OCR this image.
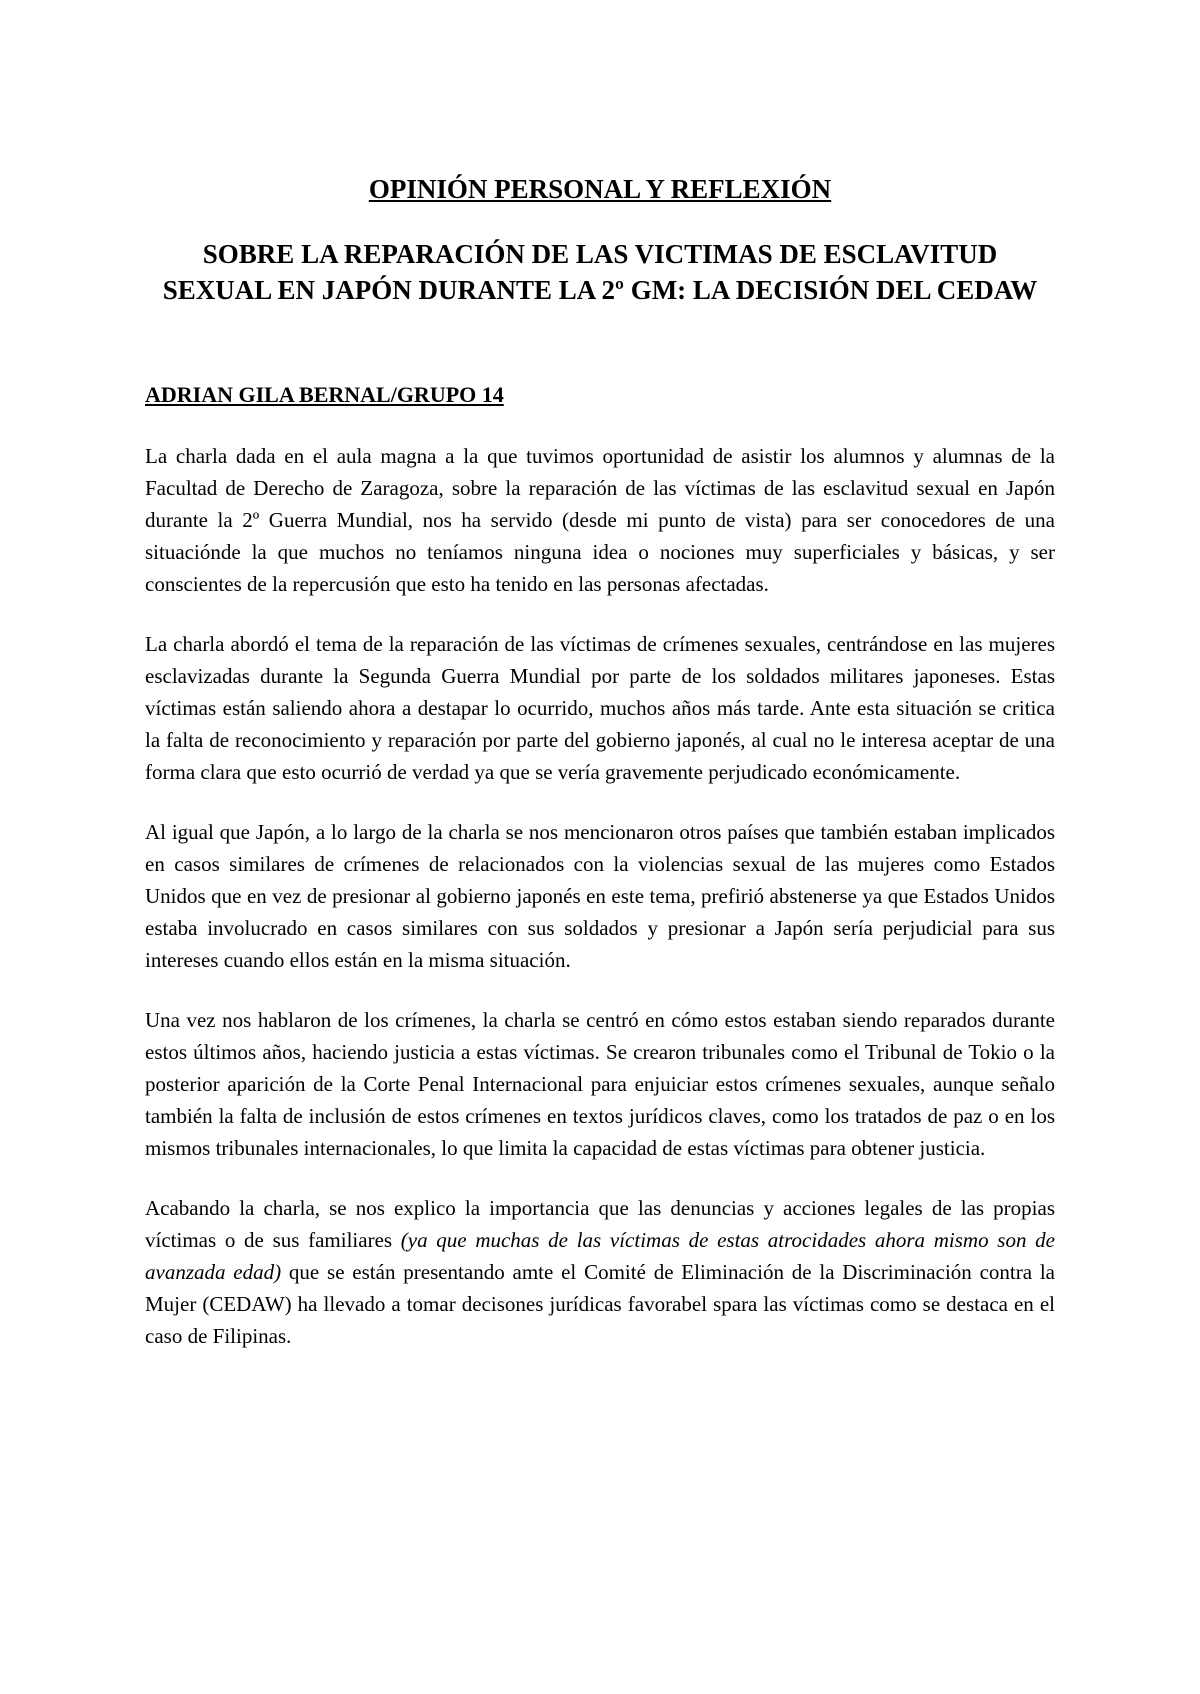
OPINIÓN PERSONAL Y REFLEXIÓN
SOBRE LA REPARACIÓN DE LAS VICTIMAS DE ESCLAVITUD SEXUAL EN JAPÓN DURANTE LA 2º GM: LA DECISIÓN DEL CEDAW

ADRIAN GILA BERNAL/GRUPO 14

La charla dada en el aula magna a la que tuvimos oportunidad de asistir los alumnos y alumnas de la Facultad de Derecho de Zaragoza, sobre la reparación de las víctimas de las esclavitud sexual en Japón durante la 2º Guerra Mundial, nos ha servido (desde mi punto de vista) para ser conocedores de una situaciónde la que muchos no teníamos ninguna idea o nociones muy superficiales y básicas, y ser conscientes de la repercusión que esto ha tenido en las personas afectadas.

La charla abordó el tema de la reparación de las víctimas de crímenes sexuales, centrándose en las mujeres esclavizadas durante la Segunda Guerra Mundial por parte de los soldados militares japoneses. Estas víctimas están saliendo ahora a destapar lo ocurrido, muchos años más tarde. Ante esta situación se critica la falta de reconocimiento y reparación por parte del gobierno japonés, al cual no le interesa aceptar de una forma clara que esto ocurrió de verdad ya que se vería gravemente perjudicado económicamente.

Al igual que Japón, a lo largo de la charla se nos mencionaron otros países que también estaban implicados en casos similares de crímenes de relacionados con la violencias sexual de las mujeres como Estados Unidos que en vez de presionar al gobierno japonés en este tema, prefirió abstenerse ya que Estados Unidos estaba involucrado en casos similares con sus soldados y presionar a Japón sería perjudicial para sus intereses cuando ellos están en la misma situación.

Una vez nos hablaron de los crímenes, la charla se centró en cómo estos estaban siendo reparados durante estos últimos años, haciendo justicia a estas víctimas. Se crearon tribunales como el Tribunal de Tokio o la posterior aparición de la Corte Penal Internacional para enjuiciar estos crímenes sexuales, aunque señalo también la falta de inclusión de estos crímenes en textos jurídicos claves, como los tratados de paz o en los mismos tribunales internacionales, lo que limita la capacidad de estas víctimas para obtener justicia.

Acabando la charla, se nos explico la importancia que las denuncias y acciones legales de las propias víctimas o de sus familiares (ya que muchas de las víctimas de estas atrocidades ahora mismo son de avanzada edad) que se están presentando amte el Comité de Eliminación de la Discriminación contra la Mujer (CEDAW) ha llevado a tomar decisones jurídicas favorabel spara las víctimas como se destaca en el caso de Filipinas.
